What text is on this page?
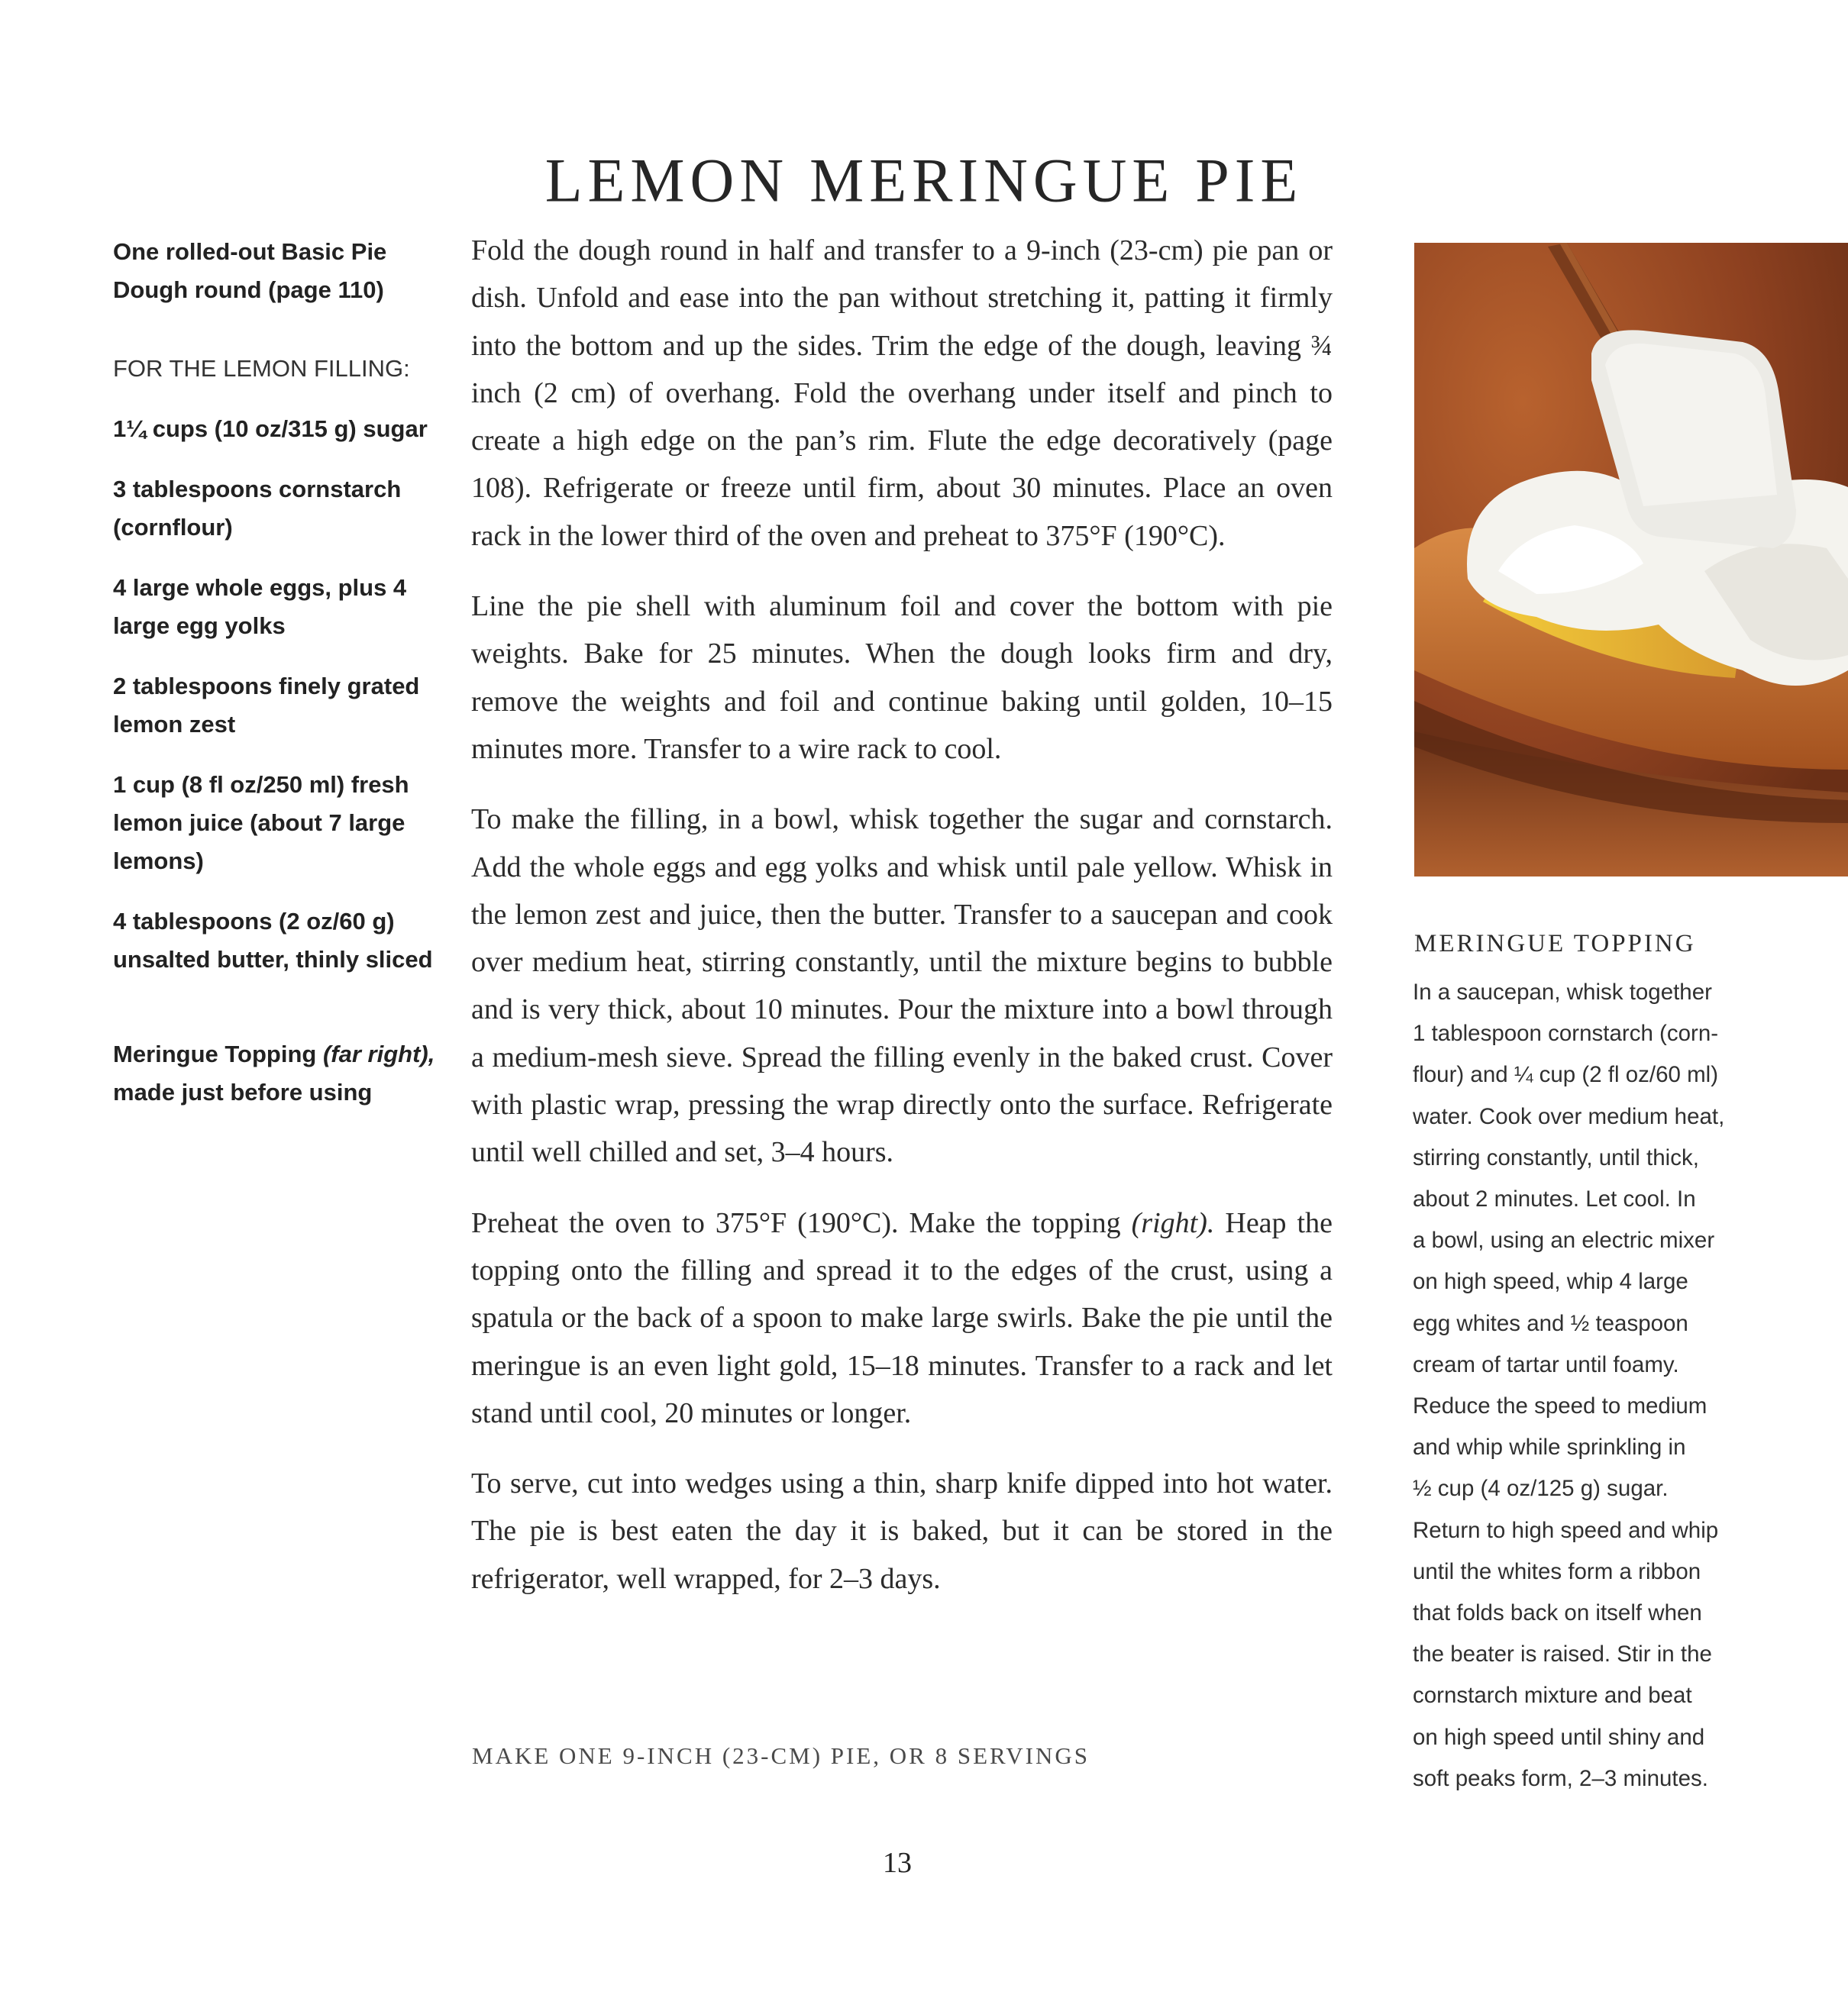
LEMON MERINGUE PIE

One rolled-out Basic Pie Dough round (page 110)

FOR THE LEMON FILLING:

1¼ cups (10 oz/315 g) sugar

3 tablespoons cornstarch (cornflour)

4 large whole eggs, plus 4 large egg yolks

2 tablespoons finely grated lemon zest

1 cup (8 fl oz/250 ml) fresh lemon juice (about 7 large lemons)

4 tablespoons (2 oz/60 g) unsalted butter, thinly sliced

Meringue Topping (far right), made just before using

Fold the dough round in half and transfer to a 9-inch (23-cm) pie pan or dish. Unfold and ease into the pan without stretching it, patting it firmly into the bottom and up the sides. Trim the edge of the dough, leaving ¾ inch (2 cm) of overhang. Fold the overhang under itself and pinch to create a high edge on the pan’s rim. Flute the edge decoratively (page 108). Refrigerate or freeze until firm, about 30 minutes. Place an oven rack in the lower third of the oven and preheat to 375°F (190°C).

Line the pie shell with aluminum foil and cover the bottom with pie weights. Bake for 25 minutes. When the dough looks firm and dry, remove the weights and foil and continue baking until golden, 10–15 minutes more. Transfer to a wire rack to cool.

To make the filling, in a bowl, whisk together the sugar and cornstarch. Add the whole eggs and egg yolks and whisk until pale yellow. Whisk in the lemon zest and juice, then the butter. Transfer to a saucepan and cook over medium heat, stirring constantly, until the mixture begins to bubble and is very thick, about 10 minutes. Pour the mixture into a bowl through a medium-mesh sieve. Spread the filling evenly in the baked crust. Cover with plastic wrap, pressing the wrap directly onto the surface. Refrigerate until well chilled and set, 3–4 hours.

Preheat the oven to 375°F (190°C). Make the topping (right). Heap the topping onto the filling and spread it to the edges of the crust, using a spatula or the back of a spoon to make large swirls. Bake the pie until the meringue is an even light gold, 15–18 minutes. Transfer to a rack and let stand until cool, 20 minutes or longer.

To serve, cut into wedges using a thin, sharp knife dipped into hot water. The pie is best eaten the day it is baked, but it can be stored in the refrigerator, well wrapped, for 2–3 days.

MAKE ONE 9-INCH (23-CM) PIE, OR 8 SERVINGS
13
MERINGUE TOPPING
In a saucepan, whisk together
1 tablespoon cornstarch (corn-
flour) and ¼ cup (2 fl oz/60 ml)
water. Cook over medium heat,
stirring constantly, until thick,
about 2 minutes. Let cool. In
a bowl, using an electric mixer
on high speed, whip 4 large
egg whites and ½ teaspoon
cream of tartar until foamy.
Reduce the speed to medium
and whip while sprinkling in
½ cup (4 oz/125 g) sugar.
Return to high speed and whip
until the whites form a ribbon
that folds back on itself when
the beater is raised. Stir in the
cornstarch mixture and beat
on high speed until shiny and
soft peaks form, 2–3 minutes.
